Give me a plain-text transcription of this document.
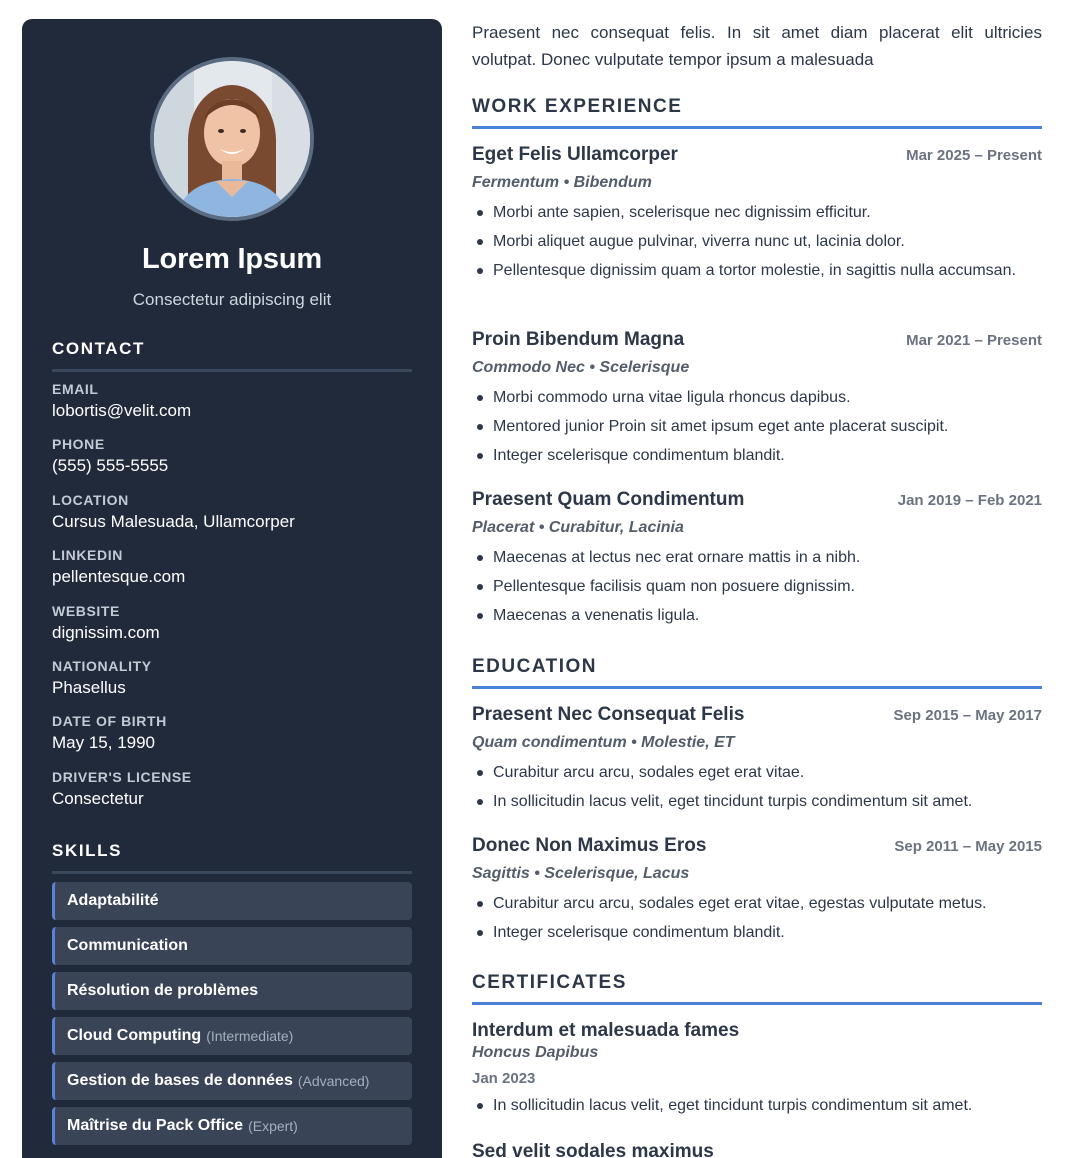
Lorem Ipsum
Consectetur adipiscing elit
CONTACT
EMAIL
lobortis@velit.com
PHONE
(555) 555-5555
LOCATION
Cursus Malesuada, Ullamcorper
LINKEDIN
pellentesque.com
WEBSITE
dignissim.com
NATIONALITY
Phasellus
DATE OF BIRTH
May 15, 1990
DRIVER'S LICENSE
Consectetur
SKILLS
Adaptabilité
Communication
Résolution de problèmes
Cloud Computing (Intermediate)
Gestion de bases de données (Advanced)
Maîtrise du Pack Office (Expert)

Praesent nec consequat felis. In sit amet diam placerat elit ultricies volutpat. Donec vulputate tempor ipsum a malesuada

WORK EXPERIENCE
Eget Felis Ullamcorper	Mar 2025 – Present
Fermentum • Bibendum
Morbi ante sapien, scelerisque nec dignissim efficitur.
Morbi aliquet augue pulvinar, viverra nunc ut, lacinia dolor.
Pellentesque dignissim quam a tortor molestie, in sagittis nulla accumsan.
Proin Bibendum Magna	Mar 2021 – Present
Commodo Nec • Scelerisque
Morbi commodo urna vitae ligula rhoncus dapibus.
Mentored junior Proin sit amet ipsum eget ante placerat suscipit.
Integer scelerisque condimentum blandit.
Praesent Quam Condimentum	Jan 2019 – Feb 2021
Placerat • Curabitur, Lacinia
Maecenas at lectus nec erat ornare mattis in a nibh.
Pellentesque facilisis quam non posuere dignissim.
Maecenas a venenatis ligula.
EDUCATION
Praesent Nec Consequat Felis	Sep 2015 – May 2017
Quam condimentum • Molestie, ET
Curabitur arcu arcu, sodales eget erat vitae.
In sollicitudin lacus velit, eget tincidunt turpis condimentum sit amet.
Donec Non Maximus Eros	Sep 2011 – May 2015
Sagittis • Scelerisque, Lacus
Curabitur arcu arcu, sodales eget erat vitae, egestas vulputate metus.
Integer scelerisque condimentum blandit.
CERTIFICATES
Interdum et malesuada fames
Honcus Dapibus
Jan 2023
In sollicitudin lacus velit, eget tincidunt turpis condimentum sit amet.
Sed velit sodales maximus
